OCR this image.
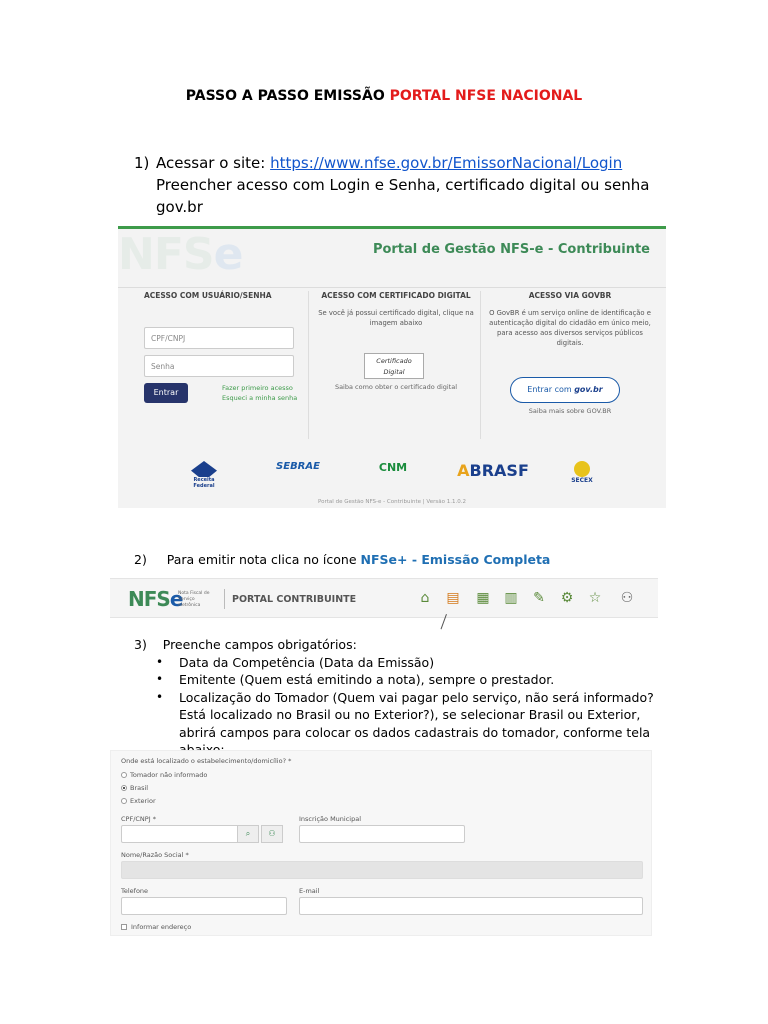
PASSO A PASSO EMISSÃO PORTAL NFSE NACIONAL
1) Acessar o site: https://www.nfse.gov.br/EmissorNacional/Login
Preencher acesso com Login e Senha, certificado digital ou senha gov.br
NFSe	Portal de Gestão NFS-e - Contribuinte
ACESSO COM USUÁRIO/SENHA
CPF/CNPJ
Senha
Entrar	Fazer primeiro acesso
Esqueci a minha senha
ACESSO COM CERTIFICADO DIGITAL
Se você já possui certificado digital, clique na imagem abaixo
Certificado Digital
Saiba como obter o certificado digital
ACESSO VIA GOVBR
O GovBR é um serviço online de identificação e autenticação digital do cidadão em único meio, para acesso aos diversos serviços públicos digitais.
Entrar com gov.br
Saiba mais sobre GOV.BR
Receita Federal
SEBRAE	CNM	ABRASF
SECEX
Portal de Gestão NFS-e - Contribuinte | Versão 1.1.0.2
2) Para emitir nota clica no ícone NFSe+ - Emissão Completa
NFSe
Nota Fiscal de Serviço eletrônica
PORTAL CONTRIBUINTE	⌂	▤ ▦ ▥ ✎ ⚙ ☆ ⚇
3) Preenche campos obrigatórios:
• Data da Competência (Data da Emissão)
• Emitente (Quem está emitindo a nota), sempre o prestador.
• Localização do Tomador (Quem vai pagar pelo serviço, não será informado? Está localizado no Brasil ou no Exterior?), se selecionar Brasil ou Exterior, abrirá campos para colocar os dados cadastrais do tomador, conforme tela
Onde está localizado o estabelecimento/domicílio? *
Tomador não informado
Brasil
Exterior
CPF/CNPJ *
⌕	⚇
Inscrição Municipal
Nome/Razão Social *
Telefone	E-mail
Informar endereço
